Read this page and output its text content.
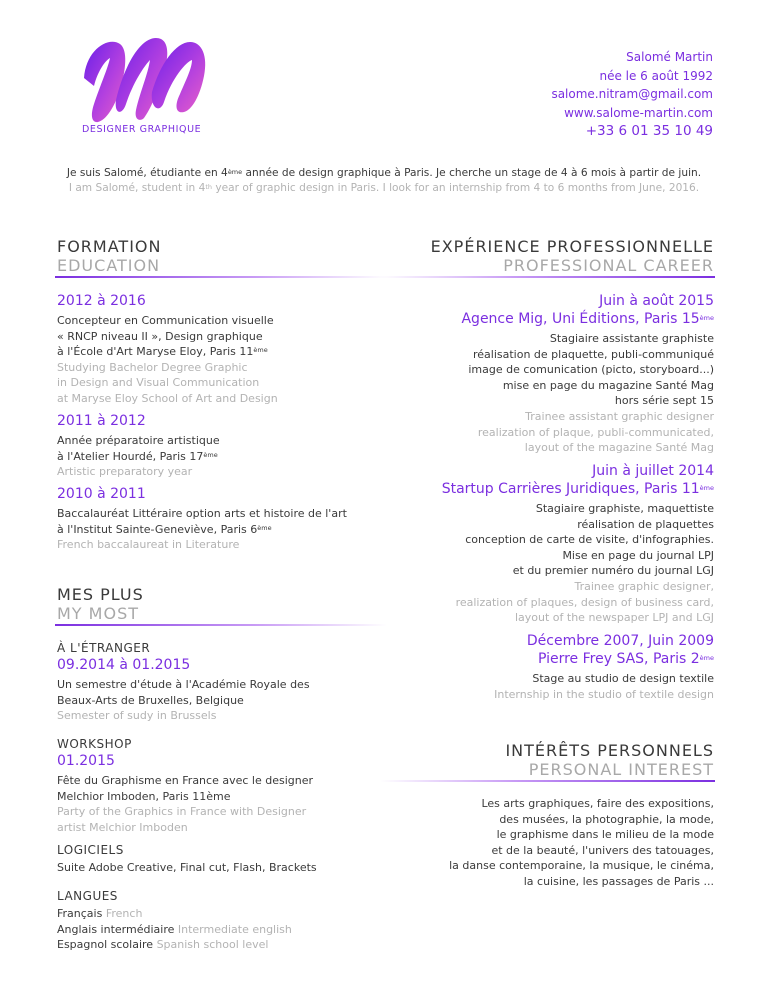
DESIGNER GRAPHIQUE
Salomé Martin
née le 6 août 1992
salome.nitram@gmail.com
www.salome-martin.com
+33 6 01 35 10 49
Je suis Salomé, étudiante en 4ème année de design graphique à Paris. Je cherche un stage de 4 à 6 mois à partir de juin.
I am Salomé, student in 4th year of graphic design in Paris. I look for an internship from 4 to 6 months from June, 2016.
FORMATION
EDUCATION
2012 à 2016
Concepteur en Communication visuelle
« RNCP niveau II », Design graphique
à l'École d'Art Maryse Eloy, Paris 11ème
Studying Bachelor Degree Graphic
in Design and Visual Communication
at Maryse Eloy School of Art and Design
2011 à 2012
Année préparatoire artistique
à l'Atelier Hourdé, Paris 17ème
Artistic preparatory year
2010 à 2011
Baccalauréat Littéraire option arts et histoire de l'art
à l'Institut Sainte-Geneviève, Paris 6ème
French baccalaureat in Literature
MES PLUS
MY MOST
À L'ÉTRANGER
09.2014 à 01.2015
Un semestre d'étude à l'Académie Royale des
Beaux-Arts de Bruxelles, Belgique
Semester of sudy in Brussels
WORKSHOP
01.2015
Fête du Graphisme en France avec le designer
Melchior Imboden, Paris 11ème
Party of the Graphics in France with Designer
artist Melchior Imboden
LOGICIELS
Suite Adobe Creative, Final cut, Flash, Brackets
LANGUES
Français French
Anglais intermédiaire Intermediate english
Espagnol scolaire Spanish school level
EXPÉRIENCE PROFESSIONNELLE
PROFESSIONAL CAREER
Juin à août 2015
Agence Mig, Uni Éditions, Paris 15ème
Stagiaire assistante graphiste
réalisation de plaquette, publi-communiqué
image de comunication (picto, storyboard...)
mise en page du magazine Santé Mag
hors série sept 15
Trainee assistant graphic designer
realization of plaque, publi-communicated,
layout of the magazine Santé Mag
Juin à juillet 2014
Startup Carrières Juridiques, Paris 11ème
Stagiaire graphiste, maquettiste
réalisation de plaquettes
conception de carte de visite, d'infographies.
Mise en page du journal LPJ
et du premier numéro du journal LGJ
Trainee graphic designer,
realization of plaques, design of business card,
layout of the newspaper LPJ and LGJ
Décembre 2007, Juin 2009
Pierre Frey SAS, Paris 2ème
Stage au studio de design textile
Internship in the studio of textile design
INTÉRÊTS PERSONNELS
PERSONAL INTEREST
Les arts graphiques, faire des expositions,
des musées, la photographie, la mode,
le graphisme dans le milieu de la mode
et de la beauté, l'univers des tatouages,
la danse contemporaine, la musique, le cinéma,
la cuisine, les passages de Paris ...
